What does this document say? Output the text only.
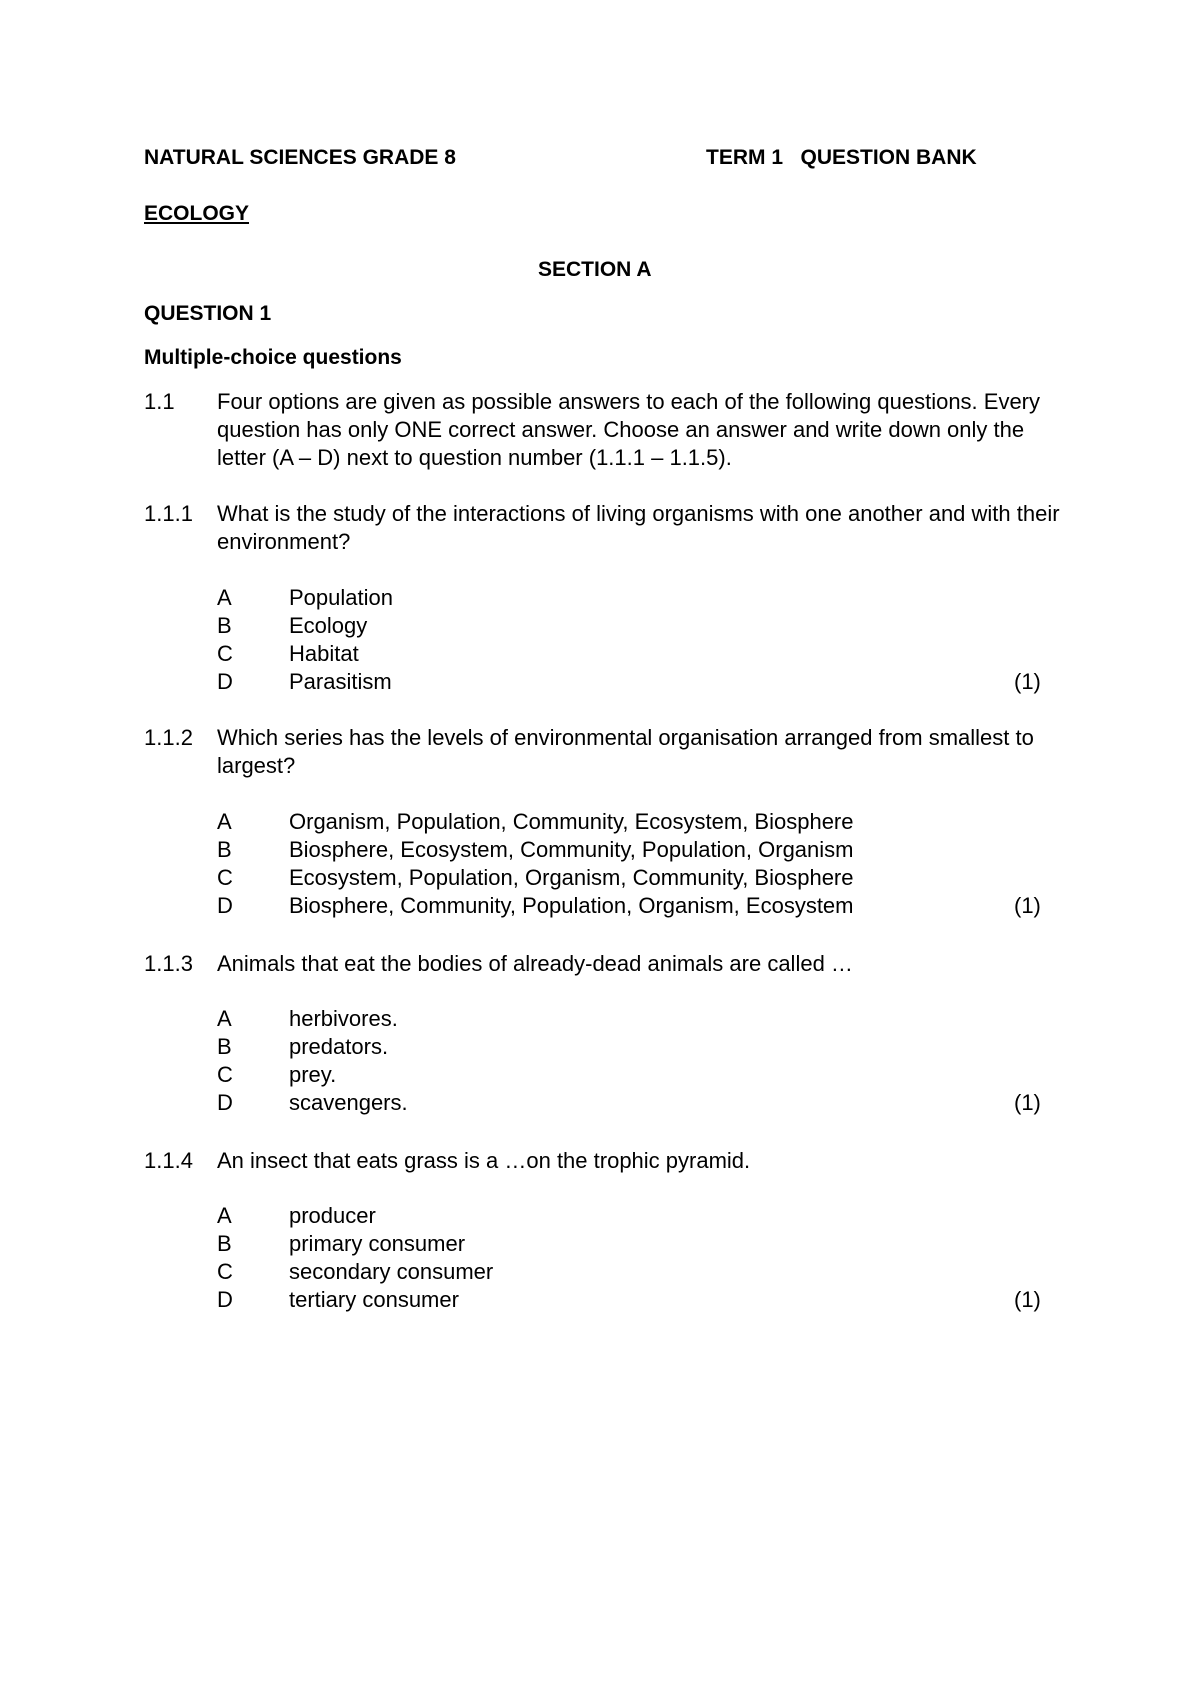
NATURAL SCIENCES GRADE 8	TERM 1   QUESTION BANK
ECOLOGY
SECTION A
QUESTION 1
Multiple-choice questions
1.1 Four options are given as possible answers to each of the following questions. Every question has only ONE correct answer. Choose an answer and write down only the letter (A – D) next to question number (1.1.1 – 1.1.5).
1.1.1 What is the study of the interactions of living organisms with one another and with their environment?
A	Population
B	Ecology
C	Habitat
D	Parasitism	(1)
1.1.2 Which series has the levels of environmental organisation arranged from smallest to largest?
A	Organism, Population, Community, Ecosystem, Biosphere
B	Biosphere, Ecosystem, Community, Population, Organism
C	Ecosystem, Population, Organism, Community, Biosphere
D	Biosphere, Community, Population, Organism, Ecosystem	(1)
1.1.3 Animals that eat the bodies of already-dead animals are called …
A	herbivores.
B	predators.
C	prey.
D	scavengers.	(1)
1.1.4 An insect that eats grass is a …on the trophic pyramid.
A	producer
B	primary consumer
C	secondary consumer
D	tertiary consumer	(1)
